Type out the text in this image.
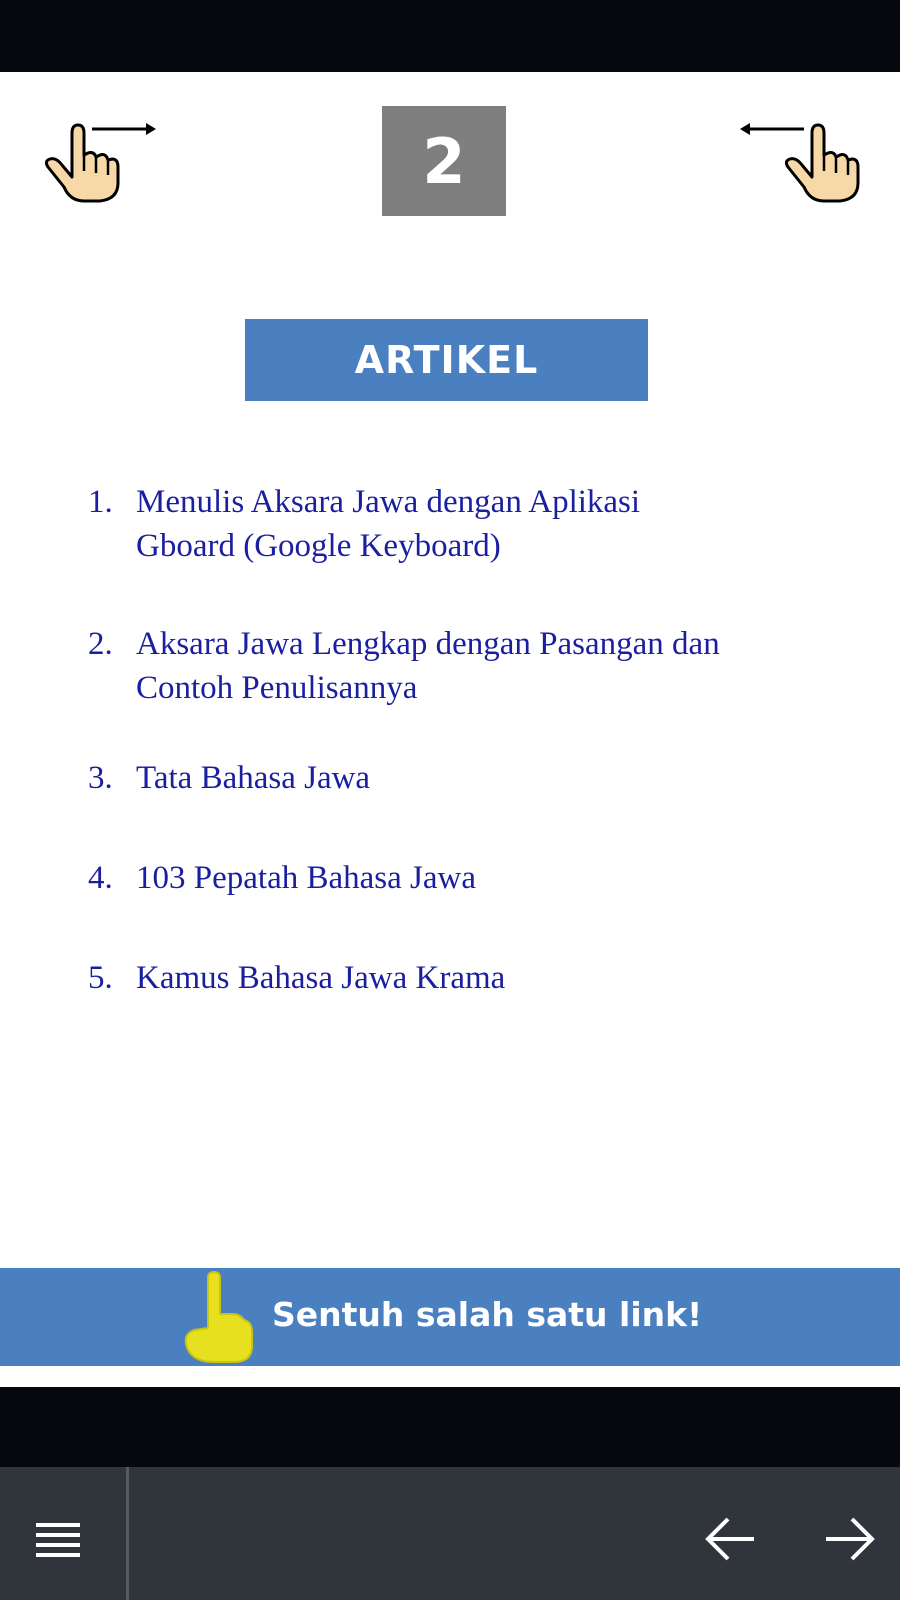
2
ARTIKEL
1. Menulis Aksara Jawa dengan Aplikasi Gboard (Google Keyboard)
2. Aksara Jawa Lengkap dengan Pasangan dan Contoh Penulisannya
3. Tata Bahasa Jawa
4. 103 Pepatah Bahasa Jawa
5. Kamus Bahasa Jawa Krama
Sentuh salah satu link!
